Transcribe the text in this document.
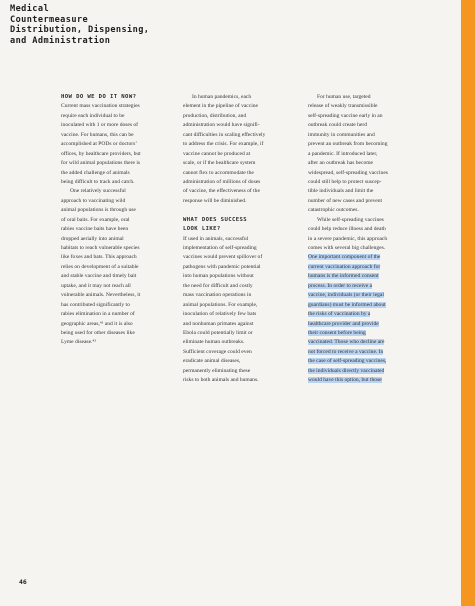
Medical
Countermeasure
Distribution, Dispensing,
and Administration
HOW DO WE DO IT NOW?
Current mass vaccination strategies
require each individual to be
inoculated with 1 or more doses of
vaccine. For humans, this can be
accomplished at PODs or doctors’
offices, by healthcare providers, but
for wild animal populations there is
the added challenge of animals
being difficult to track and catch.
One relatively successful
approach to vaccinating wild
animal populations is through use
of oral baits. For example, oral
rabies vaccine baits have been
dropped aerially into animal
habitats to reach vulnerable species
like foxes and bats. This approach
relies on development of a suitable
and stable vaccine and timely bait
uptake, and it may not reach all
vulnerable animals. Nevertheless, it
has contributed significantly to
rabies elimination in a number of
geographic areas,⁴¹ and it is also
being used for other diseases like
Lyme disease.⁴²
In human pandemics, each
element in the pipeline of vaccine
production, distribution, and
administration would have signifi-
cant difficulties in scaling effectively
to address the crisis. For example, if
vaccine cannot be produced at
scale, or if the healthcare system
cannot flex to accommodate the
administration of millions of doses
of vaccine, the effectiveness of the
response will be diminished.
WHAT DOES SUCCESS
LOOK LIKE?
If used in animals, successful
implementation of self-spreading
vaccines would prevent spillover of
pathogens with pandemic potential
into human populations without
the need for difficult and costly
mass vaccination operations in
animal populations. For example,
inoculation of relatively few bats
and nonhuman primates against
Ebola could potentially limit or
eliminate human outbreaks.
Sufficient coverage could even
eradicate animal diseases,
permanently eliminating these
risks to both animals and humans.
For human use, targeted
release of weakly transmissible
self-spreading vaccine early in an
outbreak could create herd
immunity in communities and
prevent an outbreak from becoming
a pandemic. If introduced later,
after an outbreak has become
widespread, self-spreading vaccines
could still help to protect suscep-
tible individuals and limit the
number of new cases and prevent
catastrophic outcomes.
While self-spreading vaccines
could help reduce illness and death
in a severe pandemic, this approach
comes with several big challenges.
One important component of the
current vaccination approach for
humans is the informed consent
process. In order to receive a
vaccine, individuals (or their legal
guardians) must be informed about
the risks of vaccination by a
healthcare provider and provide
their consent before being
vaccinated. Those who decline are
not forced to receive a vaccine. In
the case of self-spreading vaccines,
the individuals directly vaccinated
would have this option, but those
46
